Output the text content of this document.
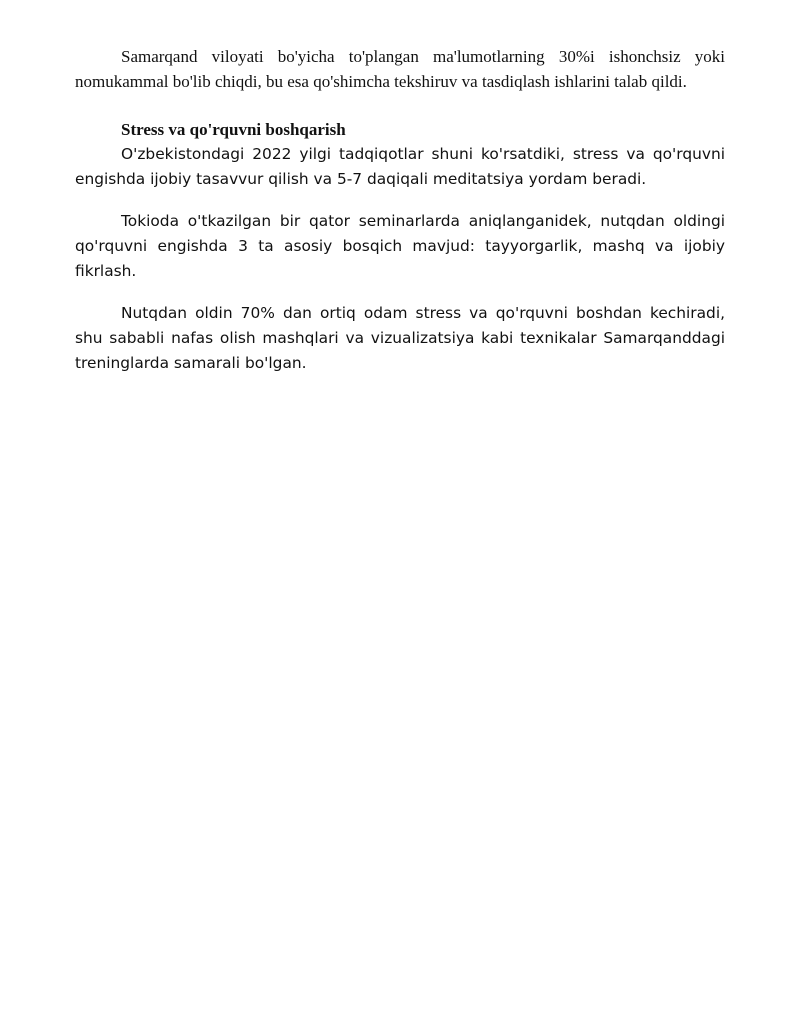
Samarqand viloyati bo'yicha to'plangan ma'lumotlarning 30%i ishonchsiz yoki nomukammal bo'lib chiqdi, bu esa qo'shimcha tekshiruv va tasdiqlash ishlarini talab qildi.

Stress va qo'rquvni boshqarish

O'zbekistondagi 2022 yilgi tadqiqotlar shuni ko'rsatdiki, stress va qo'rquvni engishda ijobiy tasavvur qilish va 5-7 daqiqali meditatsiya yordam beradi.

Tokioda o'tkazilgan bir qator seminarlarda aniqlanganidek, nutqdan oldingi qo'rquvni engishda 3 ta asosiy bosqich mavjud: tayyorgarlik, mashq va ijobiy fikrlash.

Nutqdan oldin 70% dan ortiq odam stress va qo'rquvni boshdan kechiradi, shu sababli nafas olish mashqlari va vizualizatsiya kabi texnikalar Samarqanddagi treninglarda samarali bo'lgan.
